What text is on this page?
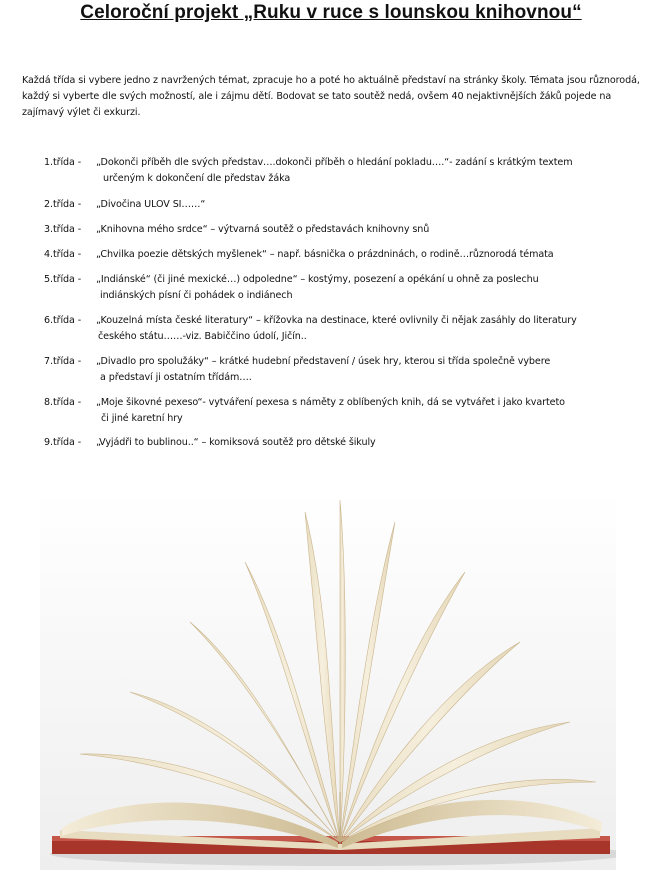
Celoroční projekt „Ruku v ruce s lounskou knihovnou“
Každá třída si vybere jedno z navržených témat, zpracuje ho a poté ho aktuálně představí na stránky školy. Témata jsou různorodá, každý si vyberte dle svých možností, ale i zájmu dětí. Bodovat se tato soutěž nedá, ovšem 40 nejaktivnějších žáků pojede na zajímavý výlet či exkurzi.
1.třída - „Dokonči příběh dle svých představ….dokonči příběh o hledání pokladu….“- zadání s krátkým textem
určeným k dokončení dle představ žáka
2.třída - „Divočina ULOV SI……“
3.třída - „Knihovna mého srdce“ – výtvarná soutěž o představách knihovny snů
4.třída - „Chvilka poezie dětských myšlenek“ – např. básnička o prázdninách, o rodině…různorodá témata
5.třída - „Indiánské“ (či jiné mexické…) odpoledne“ – kostýmy, posezení a opékání u ohně za poslechu
indiánských písní či pohádek o indiánech
6.třída - „Kouzelná místa české literatury“ – křížovka na destinace, které ovlivnily či nějak zasáhly do literatury
českého státu……-viz. Babiččino údolí, Jičín..
7.třída - „Divadlo pro spolužáky“ – krátké hudební představení / úsek hry, kterou si třída společně vybere
a představí ji ostatním třídám….
8.třída - „Moje šikovné pexeso“- vytváření pexesa s náměty z oblíbených knih, dá se vytvářet i jako kvarteto
či jiné karetní hry
9.třída - „Vyjádři to bublinou..“ – komiksová soutěž pro dětské šikuly
